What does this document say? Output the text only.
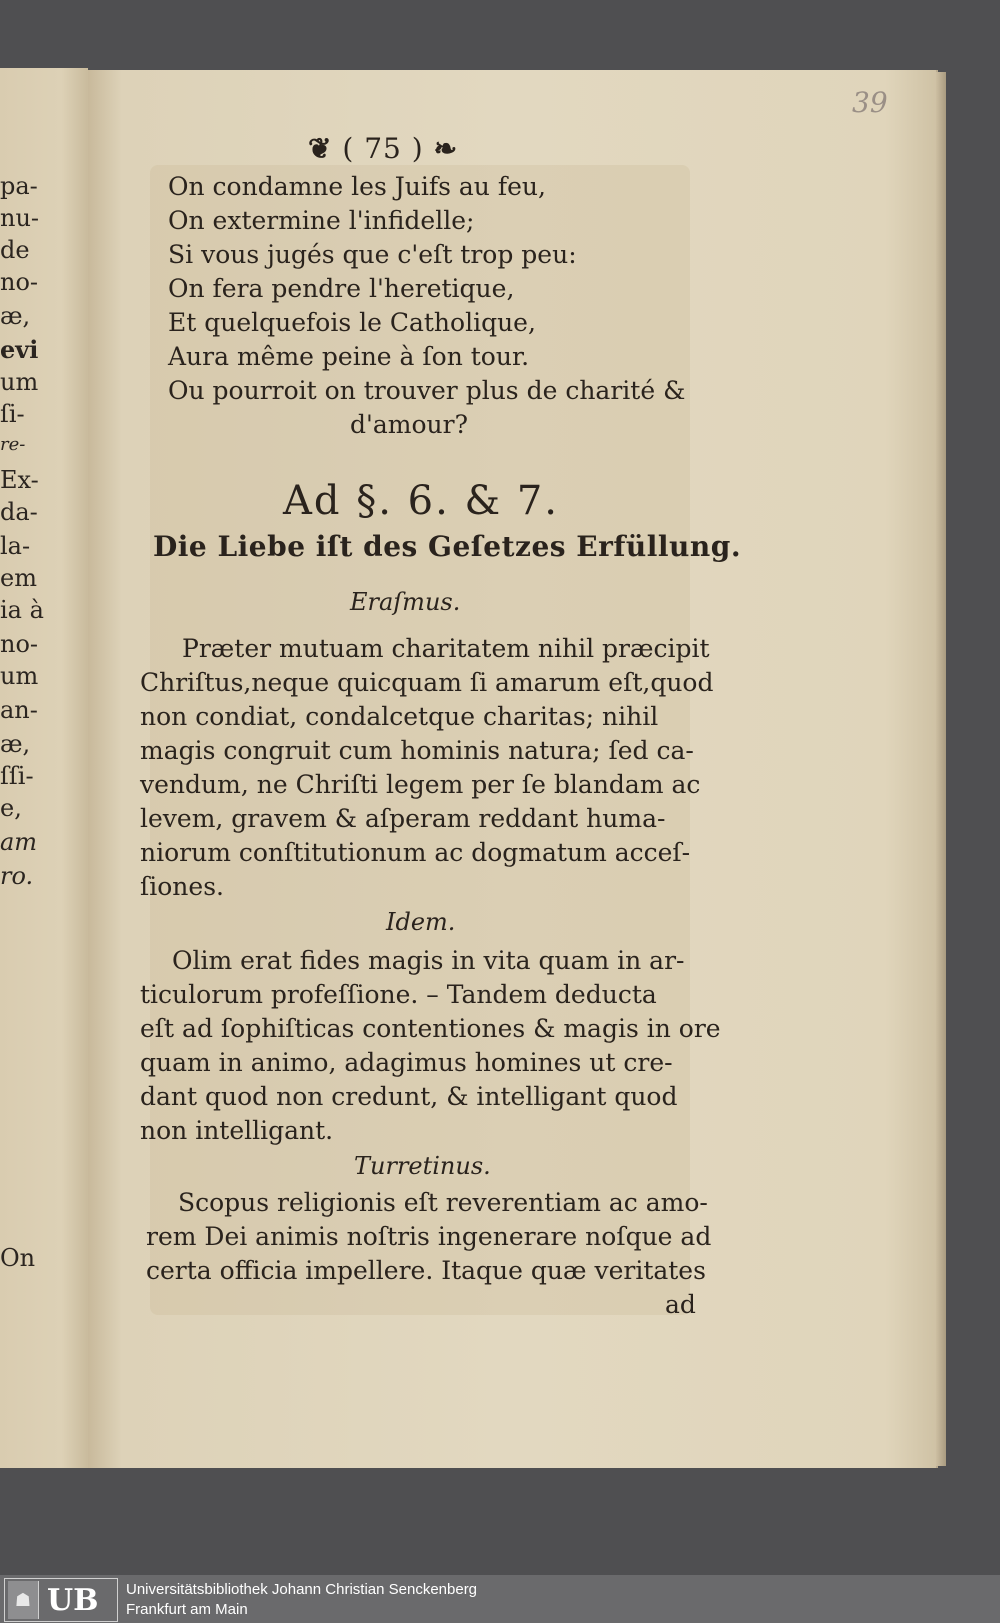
pa-
nu-
de
no-
æ,
evi
um
ſi-
re-
Ex-
da-
la-
em
ia à
no-
um
an-
æ,
ſſi-
e,
am
ro.
On
39
❦ ( 75 ) ❧
On condamne les Juifs au feu,
On extermine l'infidelle;
Si vous jugés que c'eſt trop peu:
On fera pendre l'heretique,
Et quelquefois le Catholique,
Aura même peine à ſon tour.
Ou pourroit on trouver plus de charité &
d'amour?
Ad §. 6. & 7.
Die Liebe iſt des Geſetzes Erfüllung.
Eraſmus.
Præter mutuam charitatem nihil præcipit
Chriſtus,neque quicquam ſi amarum eſt,quod
non condiat, condalcetque charitas; nihil
magis congruit cum hominis natura; ſed ca-
vendum, ne Chriſti legem per ſe blandam ac
levem, gravem & aſperam reddant huma-
niorum conſtitutionum ac dogmatum acceſ-
ſiones.
Idem.
Olim erat fides magis in vita quam in ar-
ticulorum profeſſione. – Tandem deducta
eſt ad ſophiſticas contentiones & magis in ore
quam in animo, adagimus homines ut cre-
dant quod non credunt, & intelligant quod
non intelligant.
Turretinus.
Scopus religionis eſt reverentiam ac amo-
rem Dei animis noſtris ingenerare noſque ad
certa officia impellere. Itaque quæ veritates
ad
☗ UB Universitätsbibliothek Johann Christian Senckenberg
Frankfurt am Main
